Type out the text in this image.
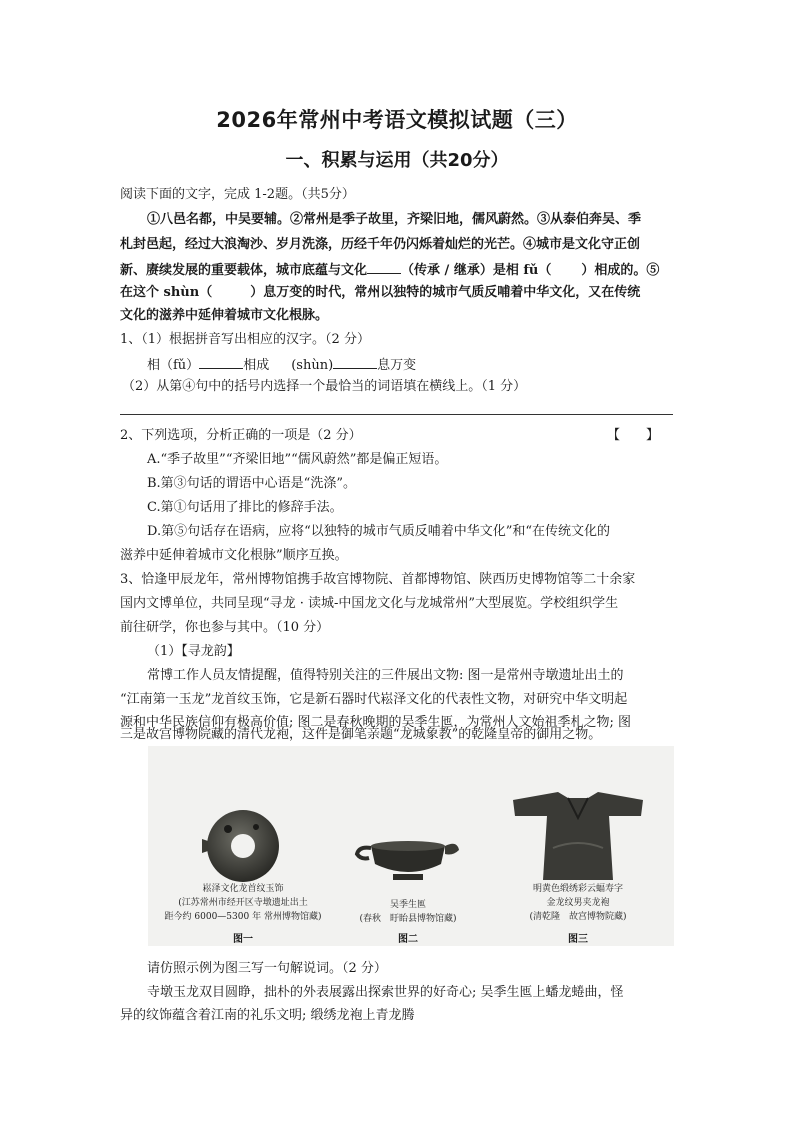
2026年常州中考语文模拟试题（三）
一、积累与运用（共20分）
阅读下面的文字，完成 1-2题。（共5分）
①八邑名都，中吴要辅。②常州是季子故里，齐梁旧地，儒风蔚然。③从泰伯奔吴、季
札封邑起，经过大浪淘沙、岁月洗涤，历经千年仍闪烁着灿烂的光芒。④城市是文化守正创
新、赓续发展的重要载体，城市底蕴与文化	（传承 / 继承）是相 fǔ（ ）相成的。⑤
在这个 shùn（	）息万变的时代，常州以独特的城市气质反哺着中华文化，又在传统
文化的滋养中延伸着城市文化根脉。
1、（1）根据拼音写出相应的汉字。（2 分）
相（fǔ）	相成 (shùn)	息万变
（2）从第④句中的括号内选择一个最恰当的词语填在横线上。（1 分）
2、下列选项，分析正确的一项是（2 分）	【　　】
A.“季子故里”“齐梁旧地”“儒风蔚然”都是偏正短语。
B.第③句话的谓语中心语是“洗涤”。
C.第①句话用了排比的修辞手法。
D.第⑤句话存在语病，应将“以独特的城市气质反哺着中华文化”和“在传统文化的
滋养中延伸着城市文化根脉”顺序互换。
3、恰逢甲辰龙年，常州博物馆携手故宫博物院、首都博物馆、陕西历史博物馆等二十余家
国内文博单位，共同呈现“寻龙 · 读城-中国龙文化与龙城常州”大型展览。学校组织学生
前往研学，你也参与其中。（10 分）
（1）【寻龙韵】
常博工作人员友情提醒，值得特别关注的三件展出文物: 图一是常州寺墩遗址出土的
“江南第一玉龙”龙首纹玉饰，它是新石器时代崧泽文化的代表性文物，对研究中华文明起
源和中华民族信仰有极高价值; 图二是春秋晚期的吴季生匜，为常州人文始祖季札之物; 图
三是故宫博物院藏的清代龙袍，这件是御笔亲题“龙城象教”的乾隆皇帝的御用之物。
崧泽文化龙首纹玉饰
(江苏常州市经开区寺墩遗址出土
距今约 6000—5300 年 常州博物馆藏)
图一
吴季生匜
(春秋　盱眙县博物馆藏)
图二
明黄色缎绣彩云蝠寿字
金龙纹男夹龙袍
(清乾隆　故宫博物院藏)
图三
请仿照示例为图三写一句解说词。（2 分）
寺墩玉龙双目圆睁，拙朴的外表展露出探索世界的好奇心; 吴季生匜上蟠龙蜷曲，怪
异的纹饰蕴含着江南的礼乐文明; 缎绣龙袍上青龙腾
